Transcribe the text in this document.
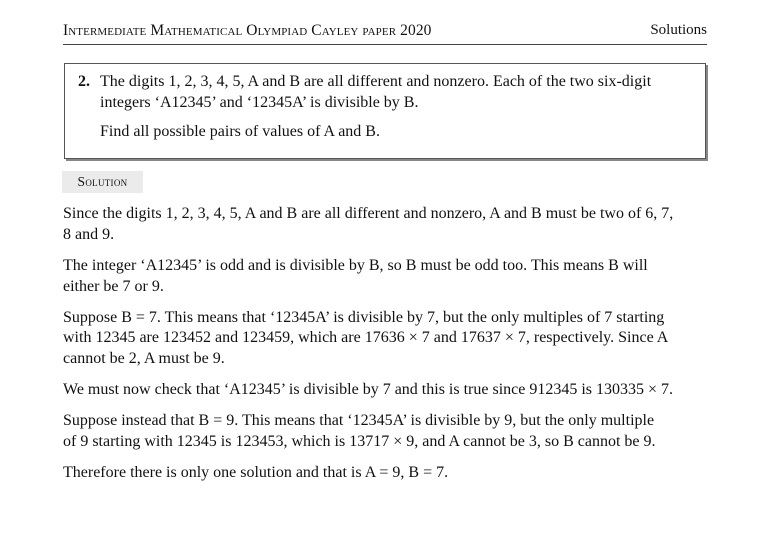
Intermediate Mathematical Olympiad Cayley paper 2020	Solutions
2. The digits 1, 2, 3, 4, 5, A and B are all different and nonzero. Each of the two six-digit
integers ‘A12345’ and ‘12345A’ is divisible by B.
Find all possible pairs of values of A and B.
Solution
Since the digits 1, 2, 3, 4, 5, A and B are all different and nonzero, A and B must be two of 6, 7,
8 and 9.
The integer ‘A12345’ is odd and is divisible by B, so B must be odd too. This means B will
either be 7 or 9.
Suppose B = 7. This means that ‘12345A’ is divisible by 7, but the only multiples of 7 starting
with 12345 are 123452 and 123459, which are 17636 × 7 and 17637 × 7, respectively. Since A
cannot be 2, A must be 9.
We must now check that ‘A12345’ is divisible by 7 and this is true since 912345 is 130335 × 7.
Suppose instead that B = 9. This means that ‘12345A’ is divisible by 9, but the only multiple
of 9 starting with 12345 is 123453, which is 13717 × 9, and A cannot be 3, so B cannot be 9.
Therefore there is only one solution and that is A = 9, B = 7.
